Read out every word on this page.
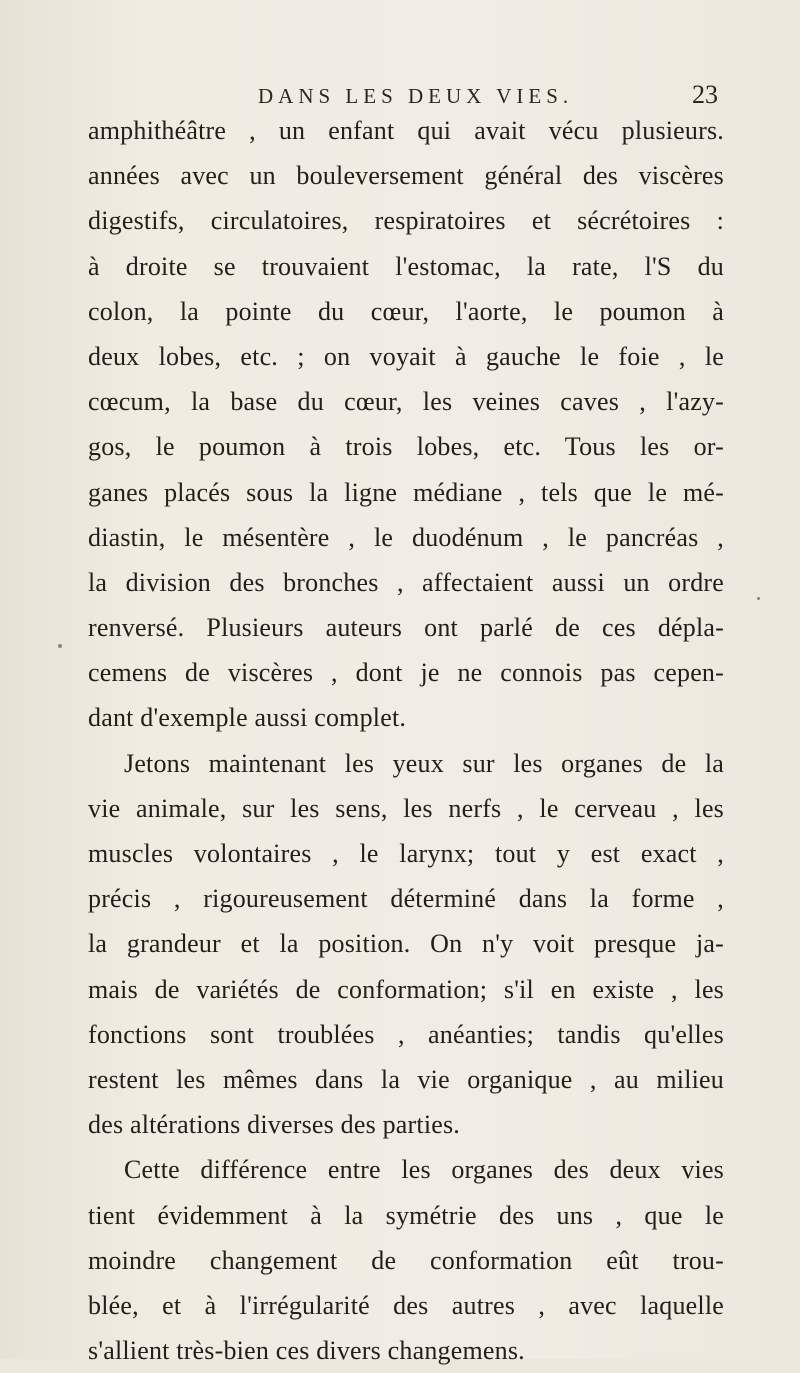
DANS LES DEUX VIES.	23
amphithéâtre , un enfant qui avait vécu plusieurs.
années avec un bouleversement général des viscères
digestifs, circulatoires, respiratoires et sécrétoires :
à droite se trouvaient l'estomac, la rate, l'S du
colon, la pointe du cœur, l'aorte, le poumon à
deux lobes, etc. ; on voyait à gauche le foie , le
cœcum, la base du cœur, les veines caves , l'azy-
gos, le poumon à trois lobes, etc. Tous les or-
ganes placés sous la ligne médiane , tels que le mé-
diastin, le mésentère , le duodénum , le pancréas ,
la division des bronches , affectaient aussi un ordre
renversé. Plusieurs auteurs ont parlé de ces dépla-
cemens de viscères , dont je ne connois pas cepen-
dant d'exemple aussi complet.
Jetons maintenant les yeux sur les organes de la
vie animale, sur les sens, les nerfs , le cerveau , les
muscles volontaires , le larynx; tout y est exact ,
précis , rigoureusement déterminé dans la forme ,
la grandeur et la position. On n'y voit presque ja-
mais de variétés de conformation; s'il en existe , les
fonctions sont troublées , anéanties; tandis qu'elles
restent les mêmes dans la vie organique , au milieu
des altérations diverses des parties.
Cette différence entre les organes des deux vies
tient évidemment à la symétrie des uns , que le
moindre changement de conformation eût trou-
blée, et à l'irrégularité des autres , avec laquelle
s'allient très-bien ces divers changemens.
